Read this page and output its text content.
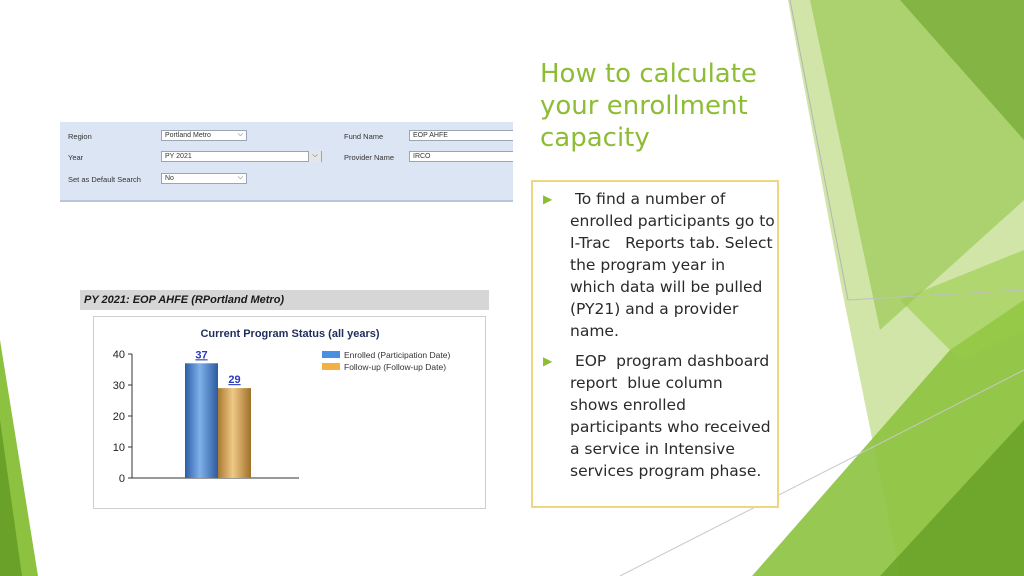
Region	Portland Metro	⌵
Year	PY 2021	⌵
Set as Default Search	No	⌵
Fund Name	EOP AHFE
Provider Name	IRCO
PY 2021: EOP AHFE (RPortland Metro)
Current Program Status (all years)
0
10
20
30
40	37
29
Enrolled (Participation Date)
Follow-up (Follow-up Date)
How to calculate your enrollment capacity
▶ To find a number of enrolled participants go to I-Trac   Reports tab. Select the program year in which data will be pulled  (PY21) and a provider name.
▶ EOP  program dashboard report  blue column shows enrolled participants who received a service in Intensive services program phase.
